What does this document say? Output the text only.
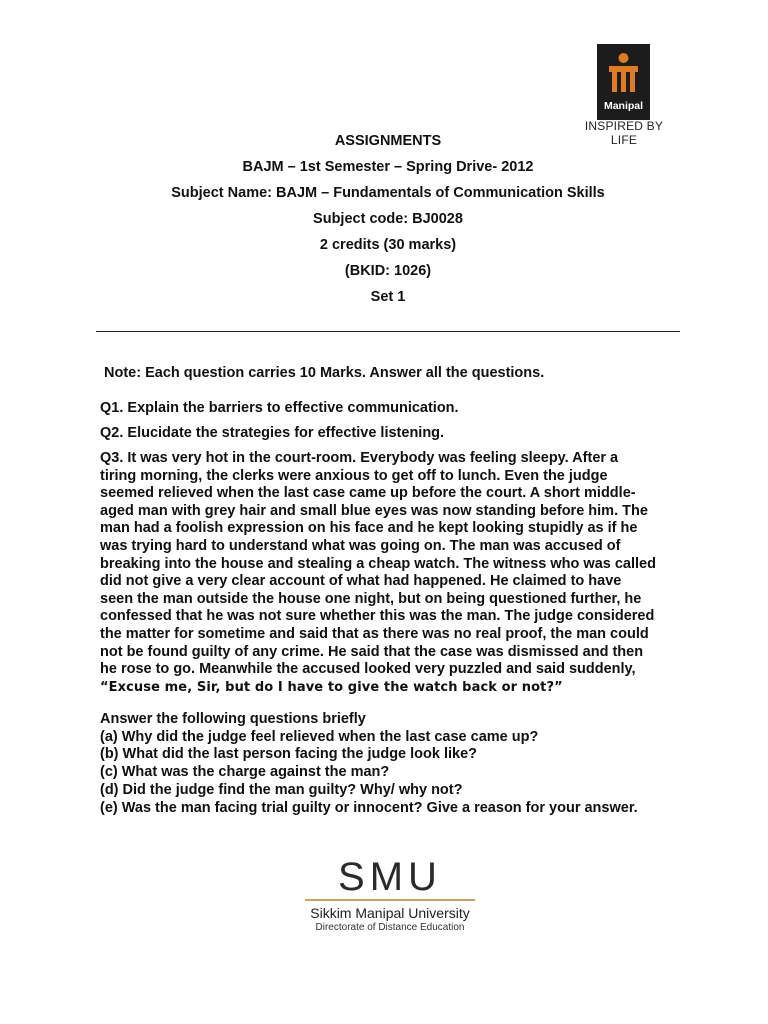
Manipal
INSPIRED BY LIFE
ASSIGNMENTS
BAJM – 1st Semester – Spring Drive- 2012
Subject Name: BAJM – Fundamentals of Communication Skills
Subject code: BJ0028
2 credits (30 marks)
(BKID: 1026)
Set 1
Note: Each question carries 10 Marks. Answer all the questions.
Q1. Explain the barriers to effective communication.
Q2. Elucidate the strategies for effective listening.
Q3. It was very hot in the court-room. Everybody was feeling sleepy. After a
tiring morning, the clerks were anxious to get off to lunch. Even the judge
seemed relieved when the last case came up before the court. A short middle-
aged man with grey hair and small blue eyes was now standing before him. The
man had a foolish expression on his face and he kept looking stupidly as if he
was trying hard to understand what was going on. The man was accused of
breaking into the house and stealing a cheap watch. The witness who was called
did not give a very clear account of what had happened. He claimed to have
seen the man outside the house one night, but on being questioned further, he
confessed that he was not sure whether this was the man. The judge considered
the matter for sometime and said that as there was no real proof, the man could
not be found guilty of any crime. He said that the case was dismissed and then
he rose to go. Meanwhile the accused looked very puzzled and said suddenly,
“Excuse me, Sir, but do I have to give the watch back or not?”
Answer the following questions briefly
(a) Why did the judge feel relieved when the last case came up?
(b) What did the last person facing the judge look like?
(c) What was the charge against the man?
(d) Did the judge find the man guilty? Why/ why not?
(e) Was the man facing trial guilty or innocent? Give a reason for your answer.
SMU
Sikkim Manipal University
Directorate of Distance Education
